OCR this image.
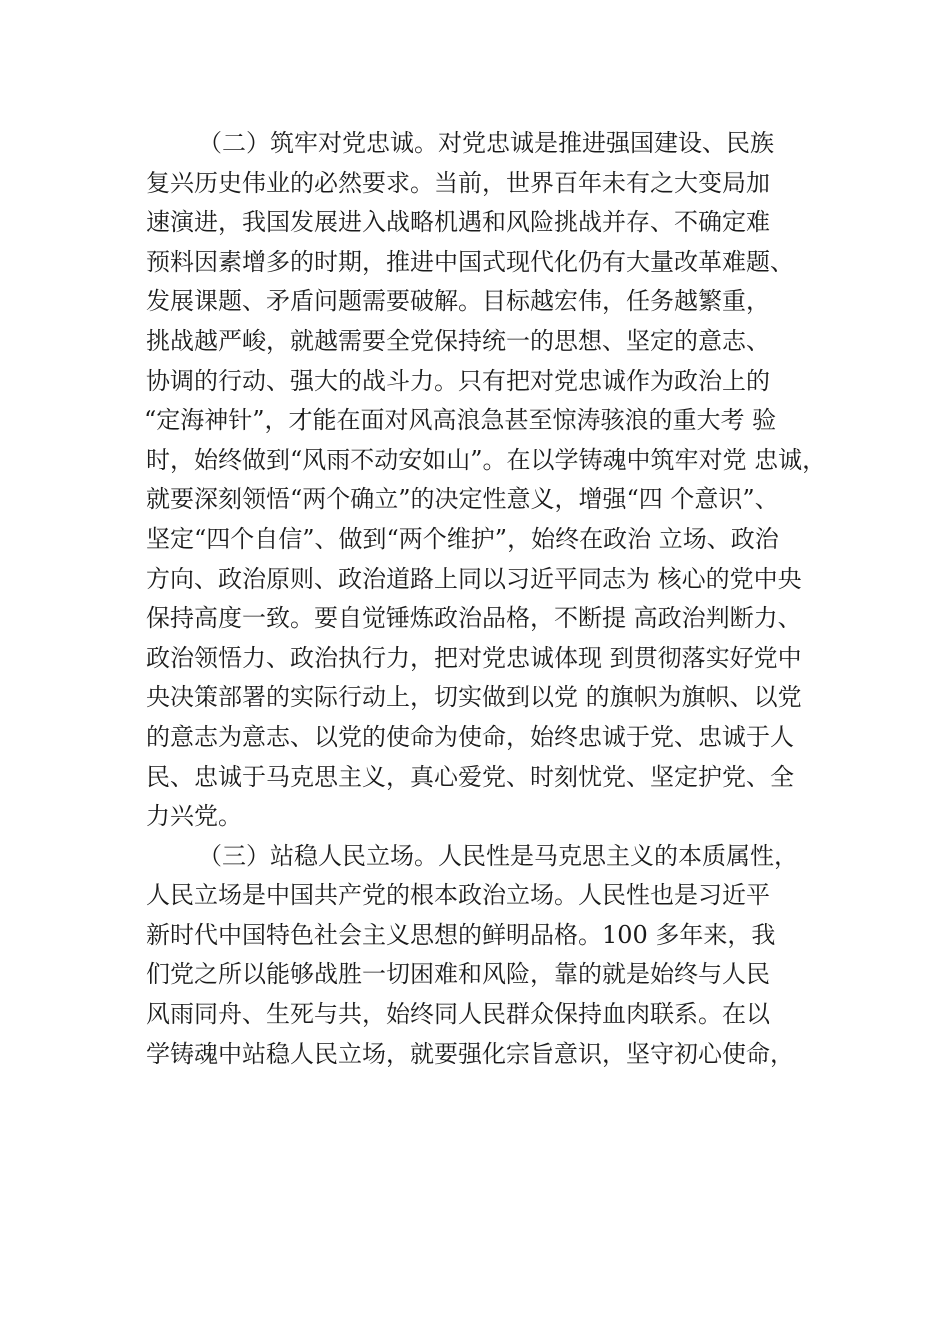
（二）筑牢对党忠诚。对党忠诚是推进强国建设、民族

复兴历史伟业的必然要求。当前，世界百年未有之大变局加

速演进，我国发展进入战略机遇和风险挑战并存、不确定难

预料因素增多的时期，推进中国式现代化仍有大量改革难题、

发展课题、矛盾问题需要破解。目标越宏伟，任务越繁重，

挑战越严峻，就越需要全党保持统一的思想、坚定的意志、

协调的行动、强大的战斗力。只有把对党忠诚作为政治上的

“定海神针”，才能在面对风高浪急甚至惊涛骇浪的重大考 验

时，始终做到“风雨不动安如山”。在以学铸魂中筑牢对党 忠诚，

就要深刻领悟“两个确立”的决定性意义，增强“四 个意识”、

坚定“四个自信”、做到“两个维护”，始终在政治 立场、政治

方向、政治原则、政治道路上同以习近平同志为 核心的党中央

保持高度一致。要自觉锤炼政治品格，不断提 高政治判断力、

政治领悟力、政治执行力，把对党忠诚体现 到贯彻落实好党中

央决策部署的实际行动上，切实做到以党 的旗帜为旗帜、以党

的意志为意志、以党的使命为使命，始终忠诚于党、忠诚于人

民、忠诚于马克思主义，真心爱党、时刻忧党、坚定护党、全

力兴党。

（三）站稳人民立场。人民性是马克思主义的本质属性，

人民立场是中国共产党的根本政治立场。人民性也是习近平

新时代中国特色社会主义思想的鲜明品格。100 多年来，我

们党之所以能够战胜一切困难和风险，靠的就是始终与人民

风雨同舟、生死与共，始终同人民群众保持血肉联系。在以

学铸魂中站稳人民立场，就要强化宗旨意识，坚守初心使命，
